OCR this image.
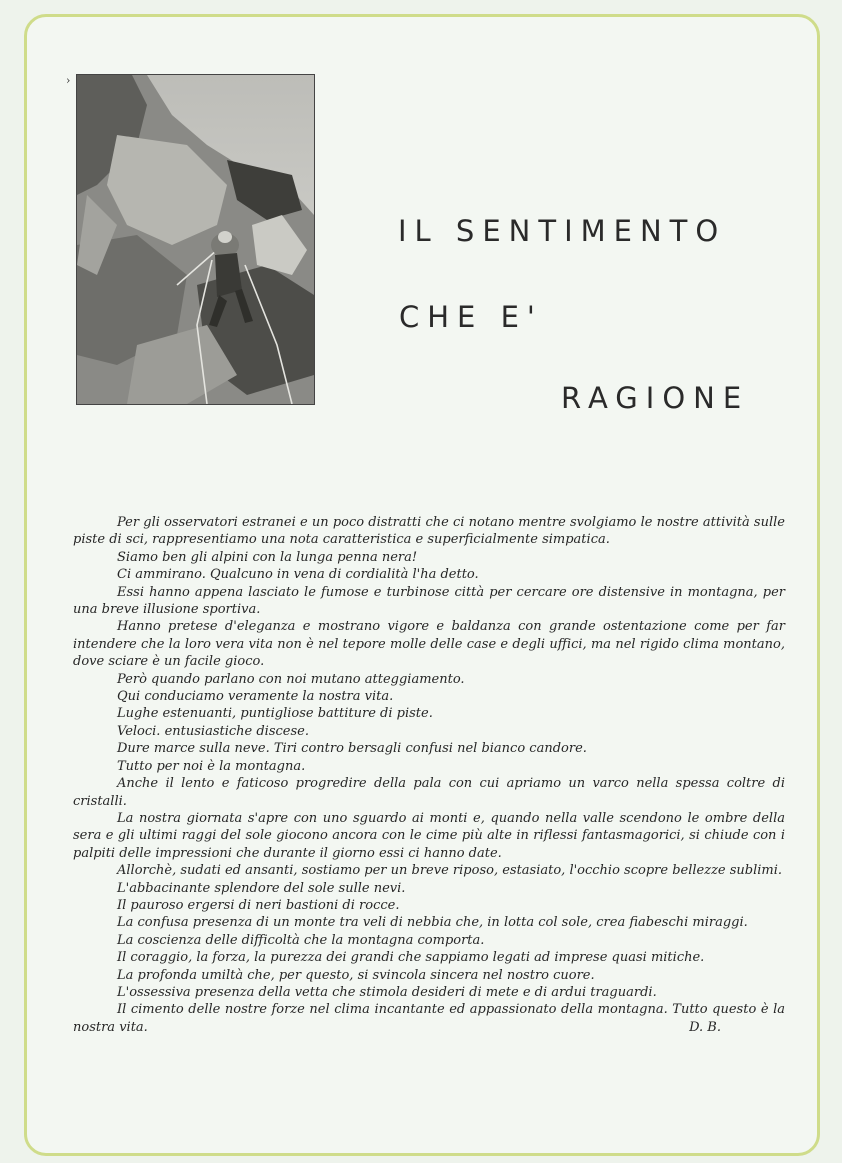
›
IL SENTIMENTO
CHE E'
RAGIONE

Per gli osservatori estranei e un poco distratti che ci notano mentre svolgiamo le nostre attività sulle piste di sci, rappresentiamo una nota caratteristica e superficialmente simpatica.

Siamo ben gli alpini con la lunga penna nera!

Ci ammirano. Qualcuno in vena di cordialità l'ha detto.

Essi hanno appena lasciato le fumose e turbinose città per cercare ore distensive in montagna, per una breve illusione sportiva.

Hanno pretese d'eleganza e mostrano vigore e baldanza con grande ostentazione come per far intendere che la loro vera vita non è nel tepore molle delle case e degli uffici, ma nel rigido clima montano, dove sciare è un facile gioco.

Però quando parlano con noi mutano atteggiamento.

Qui conduciamo veramente la nostra vita.

Lughe estenuanti, puntigliose battiture di piste.

Veloci. entusiastiche discese.

Dure marce sulla neve. Tiri contro bersagli confusi nel bianco candore.

Tutto per noi è la montagna.

Anche il lento e faticoso progredire della pala con cui apriamo un varco nella spessa coltre di cristalli.

La nostra giornata s'apre con uno sguardo ai monti e, quando nella valle scendono le ombre della sera e gli ultimi raggi del sole giocono ancora con le cime più alte in riflessi fantasmagorici, si chiude con i palpiti delle impressioni che durante il giorno essi ci hanno date.

Allorchè, sudati ed ansanti, sostiamo per un breve riposo, estasiato, l'occhio scopre bellezze sublimi.

L'abbacinante splendore del sole sulle nevi.

Il pauroso ergersi di neri bastioni di rocce.

La confusa presenza di un monte tra veli di nebbia che, in lotta col sole, crea fiabeschi miraggi.

La coscienza delle difficoltà che la montagna comporta.

Il coraggio, la forza, la purezza dei grandi che sappiamo legati ad imprese quasi mitiche.

La profonda umiltà che, per questo, si svincola sincera nel nostro cuore.

L'ossessiva presenza della vetta che stimola desideri di mete e di ardui traguardi.

Il cimento delle nostre forze nel clima incantante ed appassionato della montagna. Tutto questo è la nostra vita.	D. B.
